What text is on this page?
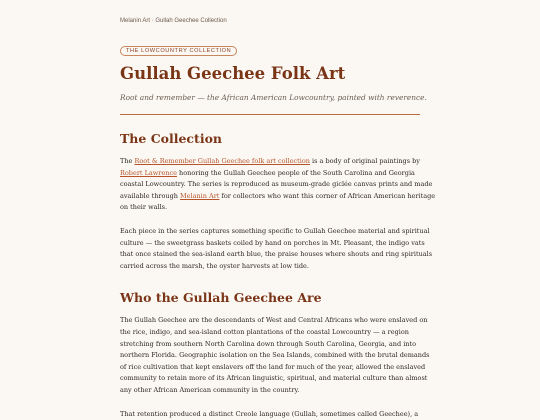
Melanin Art · Gullah Geechee Collection
THE LOWCOUNTRY COLLECTION
Gullah Geechee Folk Art
Root and remember — the African American Lowcountry, painted with reverence.
The Collection

The Root & Remember Gullah Geechee folk art collection is a body of original paintings by
Robert Lawrence honoring the Gullah Geechee people of the South Carolina and Georgia
coastal Lowcountry. The series is reproduced as museum-grade giclée canvas prints and made
available through Melanin Art for collectors who want this corner of African American heritage
on their walls.

Each piece in the series captures something specific to Gullah Geechee material and spiritual
culture — the sweetgrass baskets coiled by hand on porches in Mt. Pleasant, the indigo vats
that once stained the sea-island earth blue, the praise houses where shouts and ring spirituals
carried across the marsh, the oyster harvests at low tide.

Who the Gullah Geechee Are

The Gullah Geechee are the descendants of West and Central Africans who were enslaved on
the rice, indigo, and sea-island cotton plantations of the coastal Lowcountry — a region
stretching from southern North Carolina down through South Carolina, Georgia, and into
northern Florida. Geographic isolation on the Sea Islands, combined with the brutal demands
of rice cultivation that kept enslavers off the land for much of the year, allowed the enslaved
community to retain more of its African linguistic, spiritual, and material culture than almost
any other African American community in the country.

That retention produced a distinct Creole language (Gullah, sometimes called Geechee), a
